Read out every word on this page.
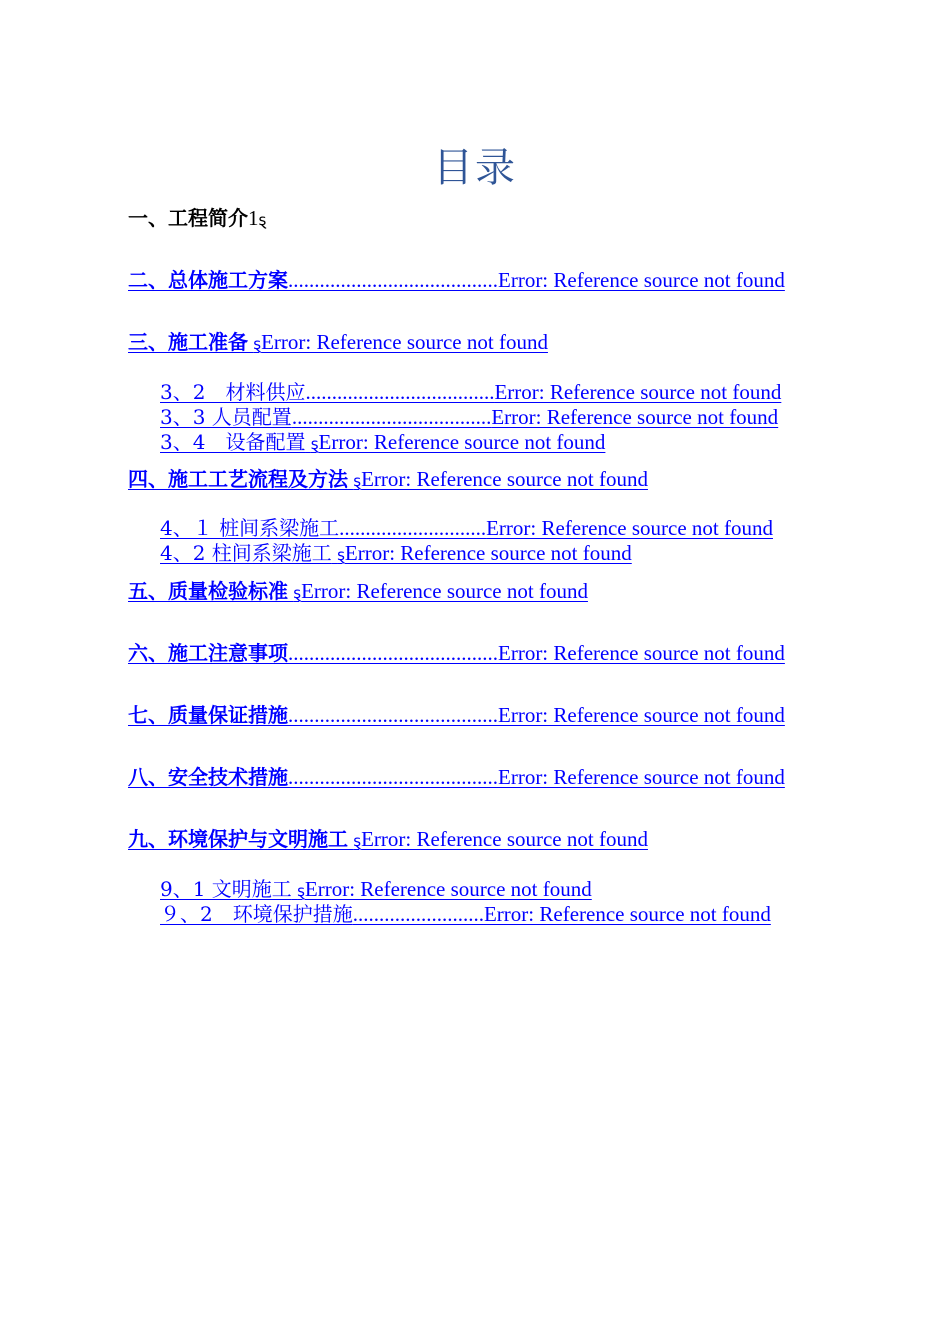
目录
一、工程简介1ȿ
二、总体施工方案........................................Error: Reference source not found
三、施工准备 ȿError: Reference source not found
3、2　材料供应....................................Error: Reference source not found
3、3 人员配置......................................Error: Reference source not found
3、4　设备配置 ȿError: Reference source not found
四、施工工艺流程及方法 ȿError: Reference source not found
4、１ 桩间系梁施工............................Error: Reference source not found
4、2 柱间系梁施工 ȿError: Reference source not found
五、质量检验标准 ȿError: Reference source not found
六、施工注意事项........................................Error: Reference source not found
七、质量保证措施........................................Error: Reference source not found
八、安全技术措施........................................Error: Reference source not found
九、环境保护与文明施工 ȿError: Reference source not found
9、1 文明施工 ȿError: Reference source not found
９、2　环境保护措施.........................Error: Reference source not found
